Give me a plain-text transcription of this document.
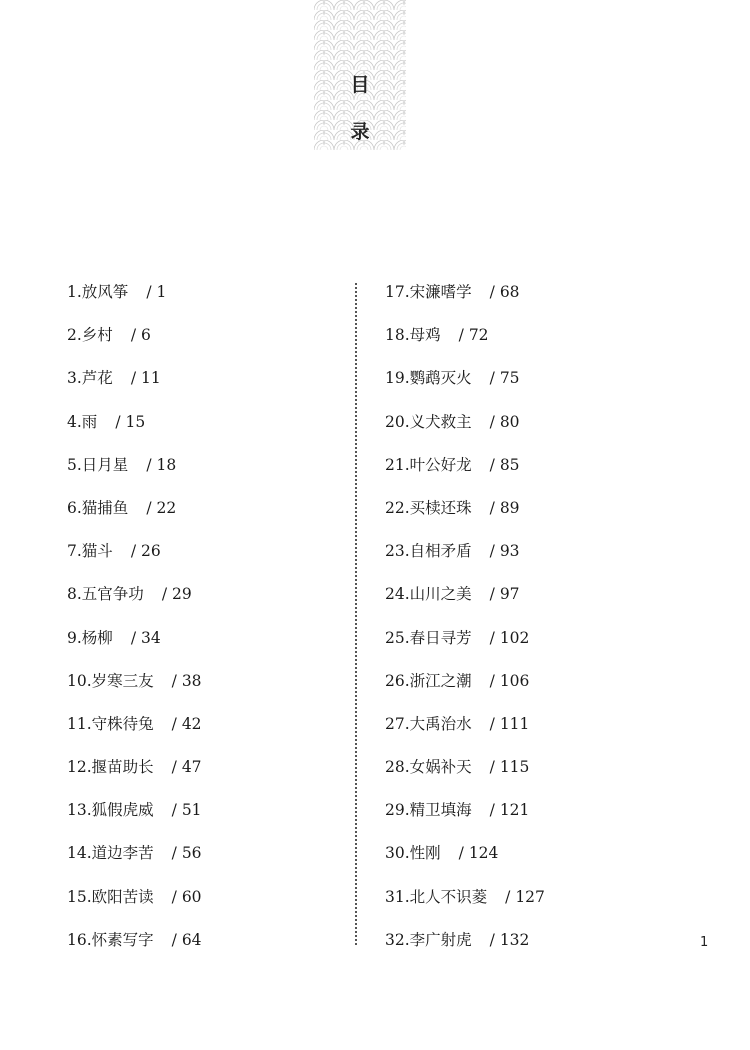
目
录
1.放风筝 / 1
2.乡村 / 6
3.芦花 / 11
4.雨 / 15
5.日月星 / 18
6.猫捕鱼 / 22
7.猫斗 / 26
8.五官争功 / 29
9.杨柳 / 34
10.岁寒三友 / 38
11.守株待兔 / 42
12.揠苗助长 / 47
13.狐假虎威 / 51
14.道边李苦 / 56
15.欧阳苦读 / 60
16.怀素写字 / 64
17.宋濂嗜学 / 68
18.母鸡 / 72
19.鹦鹉灭火 / 75
20.义犬救主 / 80
21.叶公好龙 / 85
22.买椟还珠 / 89
23.自相矛盾 / 93
24.山川之美 / 97
25.春日寻芳 / 102
26.浙江之潮 / 106
27.大禹治水 / 111
28.女娲补天 / 115
29.精卫填海 / 121
30.性刚 / 124
31.北人不识菱 / 127
32.李广射虎 / 132	1
